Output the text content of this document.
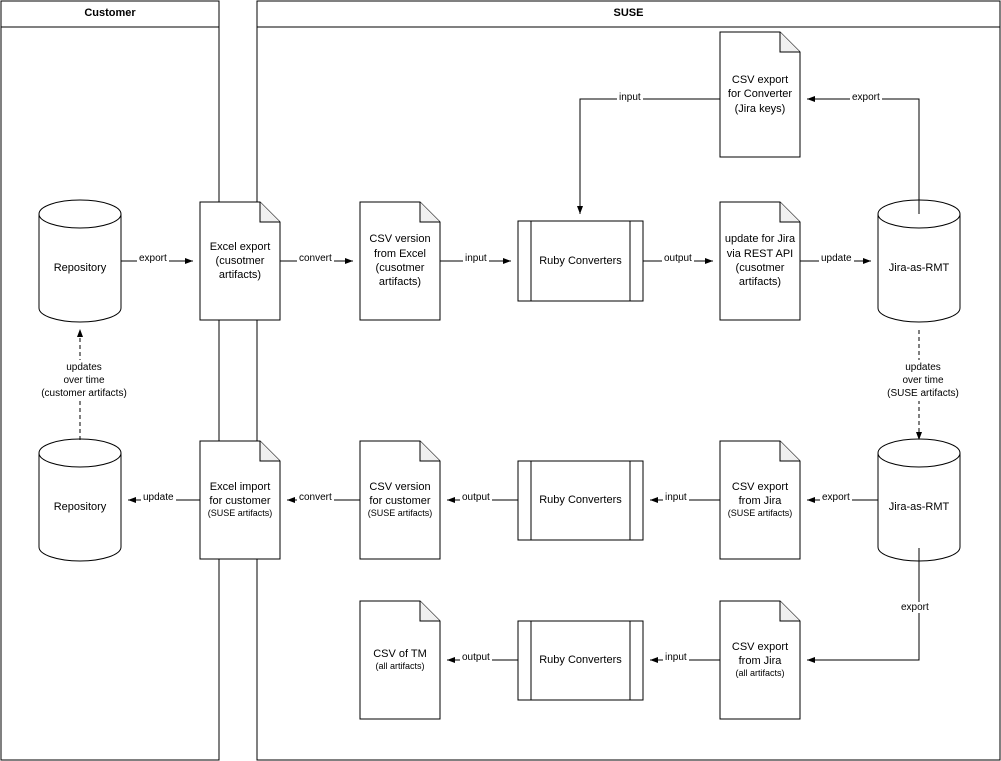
Customer	SUSE
Repository
Excel export
(cusotmer
artifacts)
CSV version
from Excel
(cusotmer
artifacts)
Ruby Converters
update for Jira
via REST API
(cusotmer
artifacts)
Jira-as-RMT
CSV export
for Converter
(Jira keys)
Repository
Excel import
for customer
(SUSE artifacts)
CSV version
for customer
(SUSE artifacts)
Ruby Converters
CSV export
from Jira
(SUSE artifacts)
Jira-as-RMT
CSV of TM
(all artifacts)	Ruby Converters
CSV export
from Jira
(all artifacts)
export	convert	input	output	update
input	export
updates
over time
(customer artifacts)
updates
over time
(SUSE artifacts)
update	convert	output	input	export
export
input
output
